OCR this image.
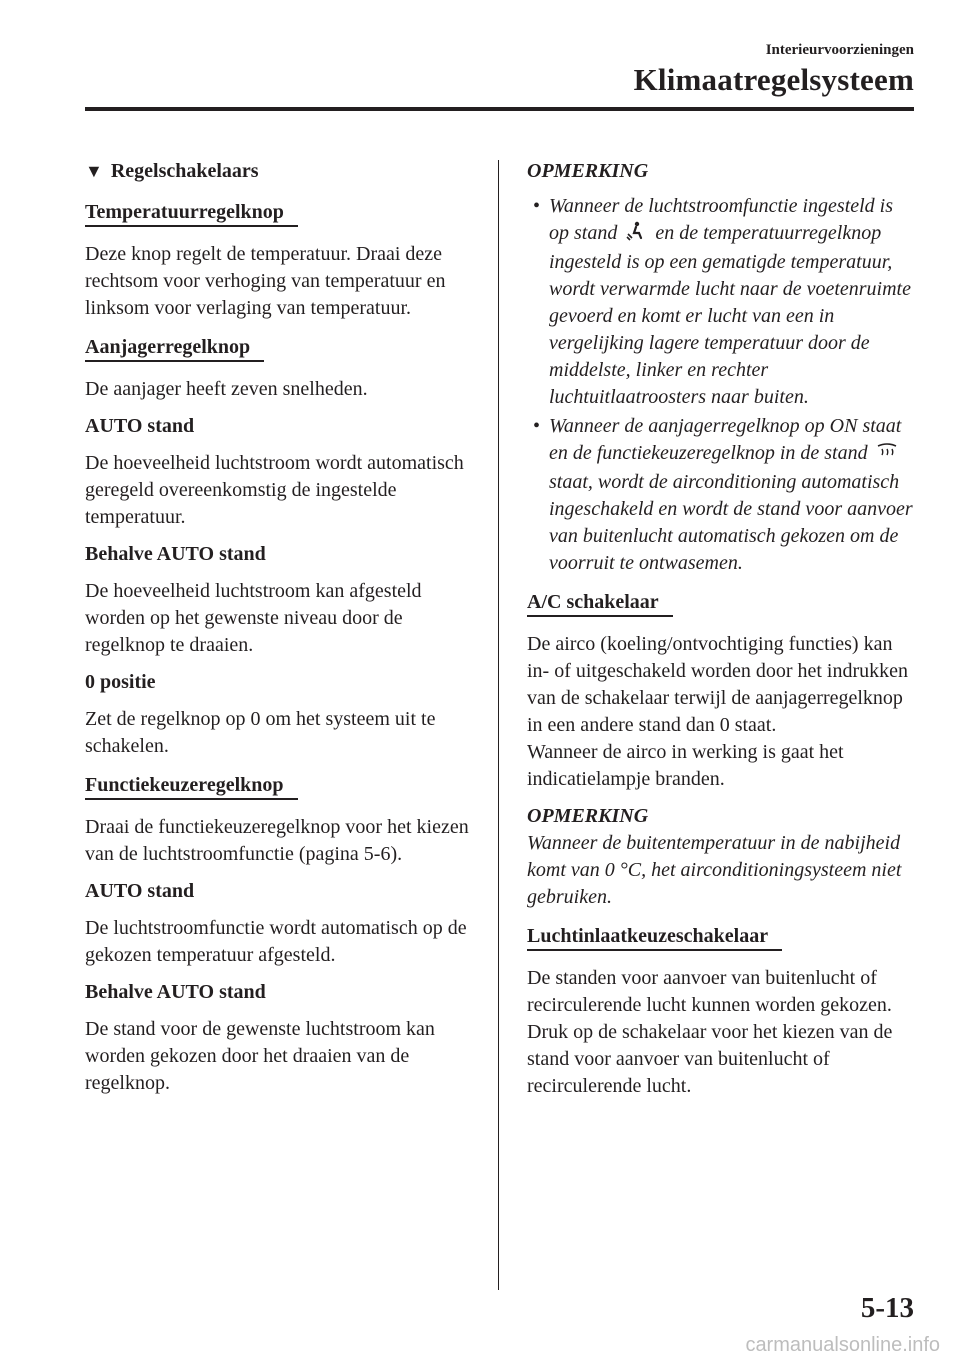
Interieurvoorzieningen
Klimaatregelsysteem
▼ Regelschakelaars
Temperatuurregelknop
Deze knop regelt de temperatuur. Draai deze rechtsom voor verhoging van temperatuur en linksom voor verlaging van temperatuur.
Aanjagerregelknop
De aanjager heeft zeven snelheden.
AUTO stand
De hoeveelheid luchtstroom wordt automatisch geregeld overeenkomstig de ingestelde temperatuur.
Behalve AUTO stand
De hoeveelheid luchtstroom kan afgesteld worden op het gewenste niveau door de regelknop te draaien.
0 positie
Zet de regelknop op 0 om het systeem uit te schakelen.
Functiekeuzeregelknop
Draai de functiekeuzeregelknop voor het kiezen van de luchtstroomfunctie (pagina 5-6).
AUTO stand
De luchtstroomfunctie wordt automatisch op de gekozen temperatuur afgesteld.
Behalve AUTO stand
De stand voor de gewenste luchtstroom kan worden gekozen door het draaien van de regelknop.
OPMERKING
• Wanneer de luchtstroomfunctie ingesteld is op stand en de temperatuurregelknop ingesteld is op een gematigde temperatuur, wordt verwarmde lucht naar de voetenruimte gevoerd en komt er lucht van een in vergelijking lagere temperatuur door de middelste, linker en rechter luchtuitlaatroosters naar buiten.
• Wanneer de aanjagerregelknop op ON staat en de functiekeuzeregelknop in de stand  staat, wordt de airconditioning automatisch ingeschakeld en wordt de stand voor aanvoer van buitenlucht automatisch gekozen om de voorruit te ontwasemen.
A/C schakelaar
De airco (koeling/ontvochtiging functies) kan in- of uitgeschakeld worden door het indrukken van de schakelaar terwijl de aanjagerregelknop in een andere stand dan 0 staat.
Wanneer de airco in werking is gaat het indicatielampje branden.
OPMERKING
Wanneer de buitentemperatuur in de nabijheid komt van 0 °C, het airconditioningsysteem niet gebruiken.
Luchtinlaatkeuzeschakelaar
De standen voor aanvoer van buitenlucht of recirculerende lucht kunnen worden gekozen. Druk op de schakelaar voor het kiezen van de stand voor aanvoer van buitenlucht of recirculerende lucht.
5-13
carmanualsonline.info
